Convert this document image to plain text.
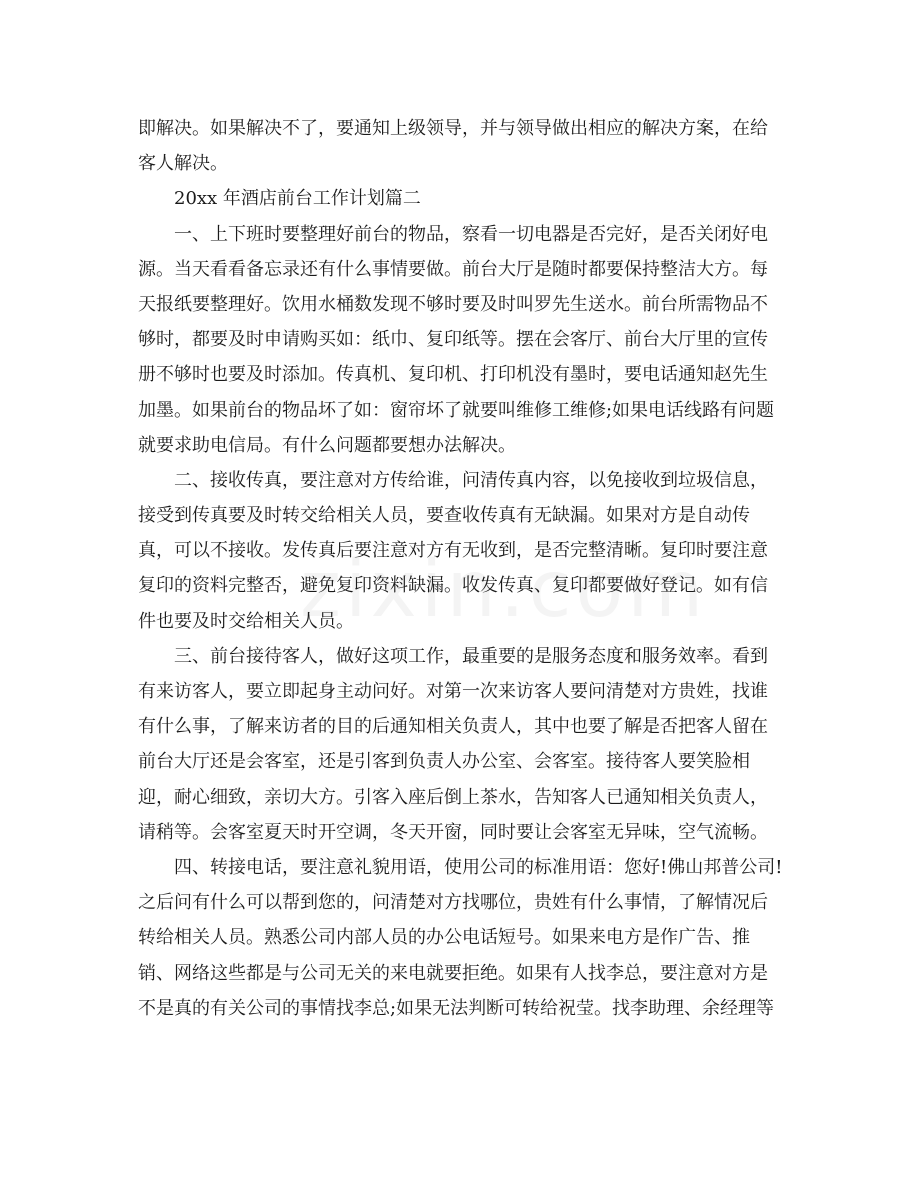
即解决。如果解决不了，要通知上级领导，并与领导做出相应的解决方案，在给
客人解决。
20xx 年酒店前台工作计划篇二
一、上下班时要整理好前台的物品，察看一切电器是否完好，是否关闭好电
源。当天看看备忘录还有什么事情要做。前台大厅是随时都要保持整洁大方。每
天报纸要整理好。饮用水桶数发现不够时要及时叫罗先生送水。前台所需物品不
够时，都要及时申请购买如：纸巾、复印纸等。摆在会客厅、前台大厅里的宣传
册不够时也要及时添加。传真机、复印机、打印机没有墨时，要电话通知赵先生
加墨。如果前台的物品坏了如：窗帘坏了就要叫维修工维修;如果电话线路有问题
就要求助电信局。有什么问题都要想办法解决。
二、接收传真，要注意对方传给谁，问清传真内容，以免接收到垃圾信息，
接受到传真要及时转交给相关人员，要查收传真有无缺漏。如果对方是自动传
真，可以不接收。发传真后要注意对方有无收到，是否完整清晰。复印时要注意
复印的资料完整否，避免复印资料缺漏。收发传真、复印都要做好登记。如有信
件也要及时交给相关人员。
三、前台接待客人，做好这项工作，最重要的是服务态度和服务效率。看到
有来访客人，要立即起身主动问好。对第一次来访客人要问清楚对方贵姓，找谁
有什么事，了解来访者的目的后通知相关负责人，其中也要了解是否把客人留在
前台大厅还是会客室，还是引客到负责人办公室、会客室。接待客人要笑脸相
迎，耐心细致，亲切大方。引客入座后倒上茶水，告知客人已通知相关负责人，
请稍等。会客室夏天时开空调，冬天开窗，同时要让会客室无异味，空气流畅。
四、转接电话，要注意礼貌用语，使用公司的标准用语：您好!佛山邦普公司!
之后问有什么可以帮到您的，问清楚对方找哪位，贵姓有什么事情，了解情况后
转给相关人员。熟悉公司内部人员的办公电话短号。如果来电方是作广告、推
销、网络这些都是与公司无关的来电就要拒绝。如果有人找李总，要注意对方是
不是真的有关公司的事情找李总;如果无法判断可转给祝莹。找李助理、余经理等
